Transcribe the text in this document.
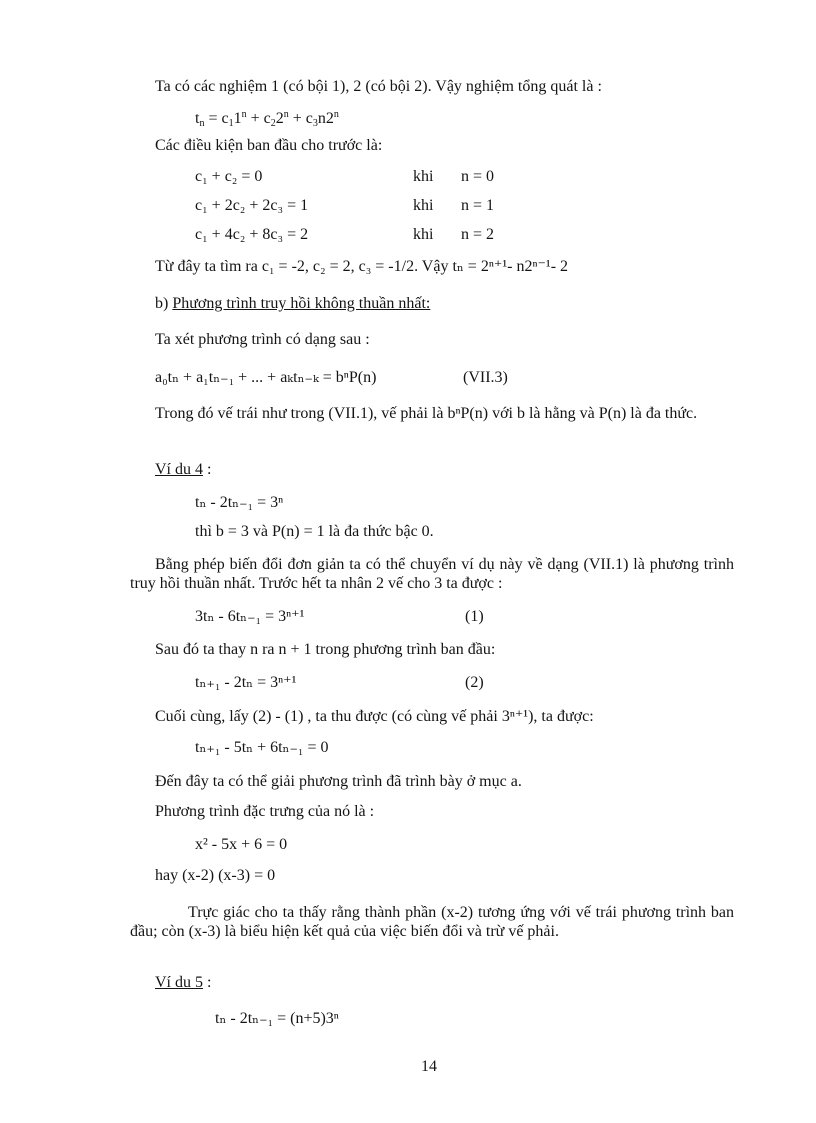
Ta có các nghiệm 1 (có bội 1), 2 (có bội 2). Vậy nghiệm tổng quát là :
$t_n = c_11^n + c_22^n + c_3n2^n$
Các điều kiện ban đầu cho trước là:
c₁ + c₂ = 0	khi n = 0
c₁ + 2c₂ + 2c₃ = 1	khi n = 1
c₁ + 4c₂ + 8c₃ = 2	khi n = 2
Từ đây ta tìm ra c₁ = -2, c₂ = 2, c₃ = -1/2. Vậy tₙ = 2ⁿ⁺¹- n2ⁿ⁻¹- 2
b) Phương trình truy hồi không thuần nhất:
Ta xét phương trình có dạng sau :
a₀tₙ + a₁tₙ₋₁ + ... + aₖtₙ₋ₖ = bⁿP(n)	(VII.3)
Trong đó vế trái như trong (VII.1), vế phải là bⁿP(n) với b là hằng và P(n) là đa thức.
Ví du 4 :
tₙ - 2tₙ₋₁ = 3ⁿ
thì b = 3 và P(n) = 1 là đa thức bậc 0.
Bằng phép biến đổi đơn giản ta có thể chuyển ví dụ này về dạng (VII.1) là phương trình truy hồi thuần nhất. Trước hết ta nhân 2 vế cho 3 ta được :
3tₙ - 6tₙ₋₁ = 3ⁿ⁺¹	(1)
Sau đó ta thay n ra n + 1 trong phương trình ban đầu:
tₙ₊₁ - 2tₙ = 3ⁿ⁺¹	(2)
Cuối cùng, lấy (2) - (1) , ta thu được (có cùng vế phải 3ⁿ⁺¹), ta được:
tₙ₊₁ - 5tₙ + 6tₙ₋₁ = 0
Đến đây ta có thể giải phương trình đã trình bày ở mục a.
Phương trình đặc trưng của nó là :
x² - 5x + 6 = 0
hay (x-2) (x-3) = 0
Trực giác cho ta thấy rằng thành phần (x-2) tương ứng với vế trái phương trình ban đầu; còn (x-3) là biểu hiện kết quả của việc biến đổi và trừ vế phải.
Ví du 5 :
tₙ - 2tₙ₋₁ = (n+5)3ⁿ
14
